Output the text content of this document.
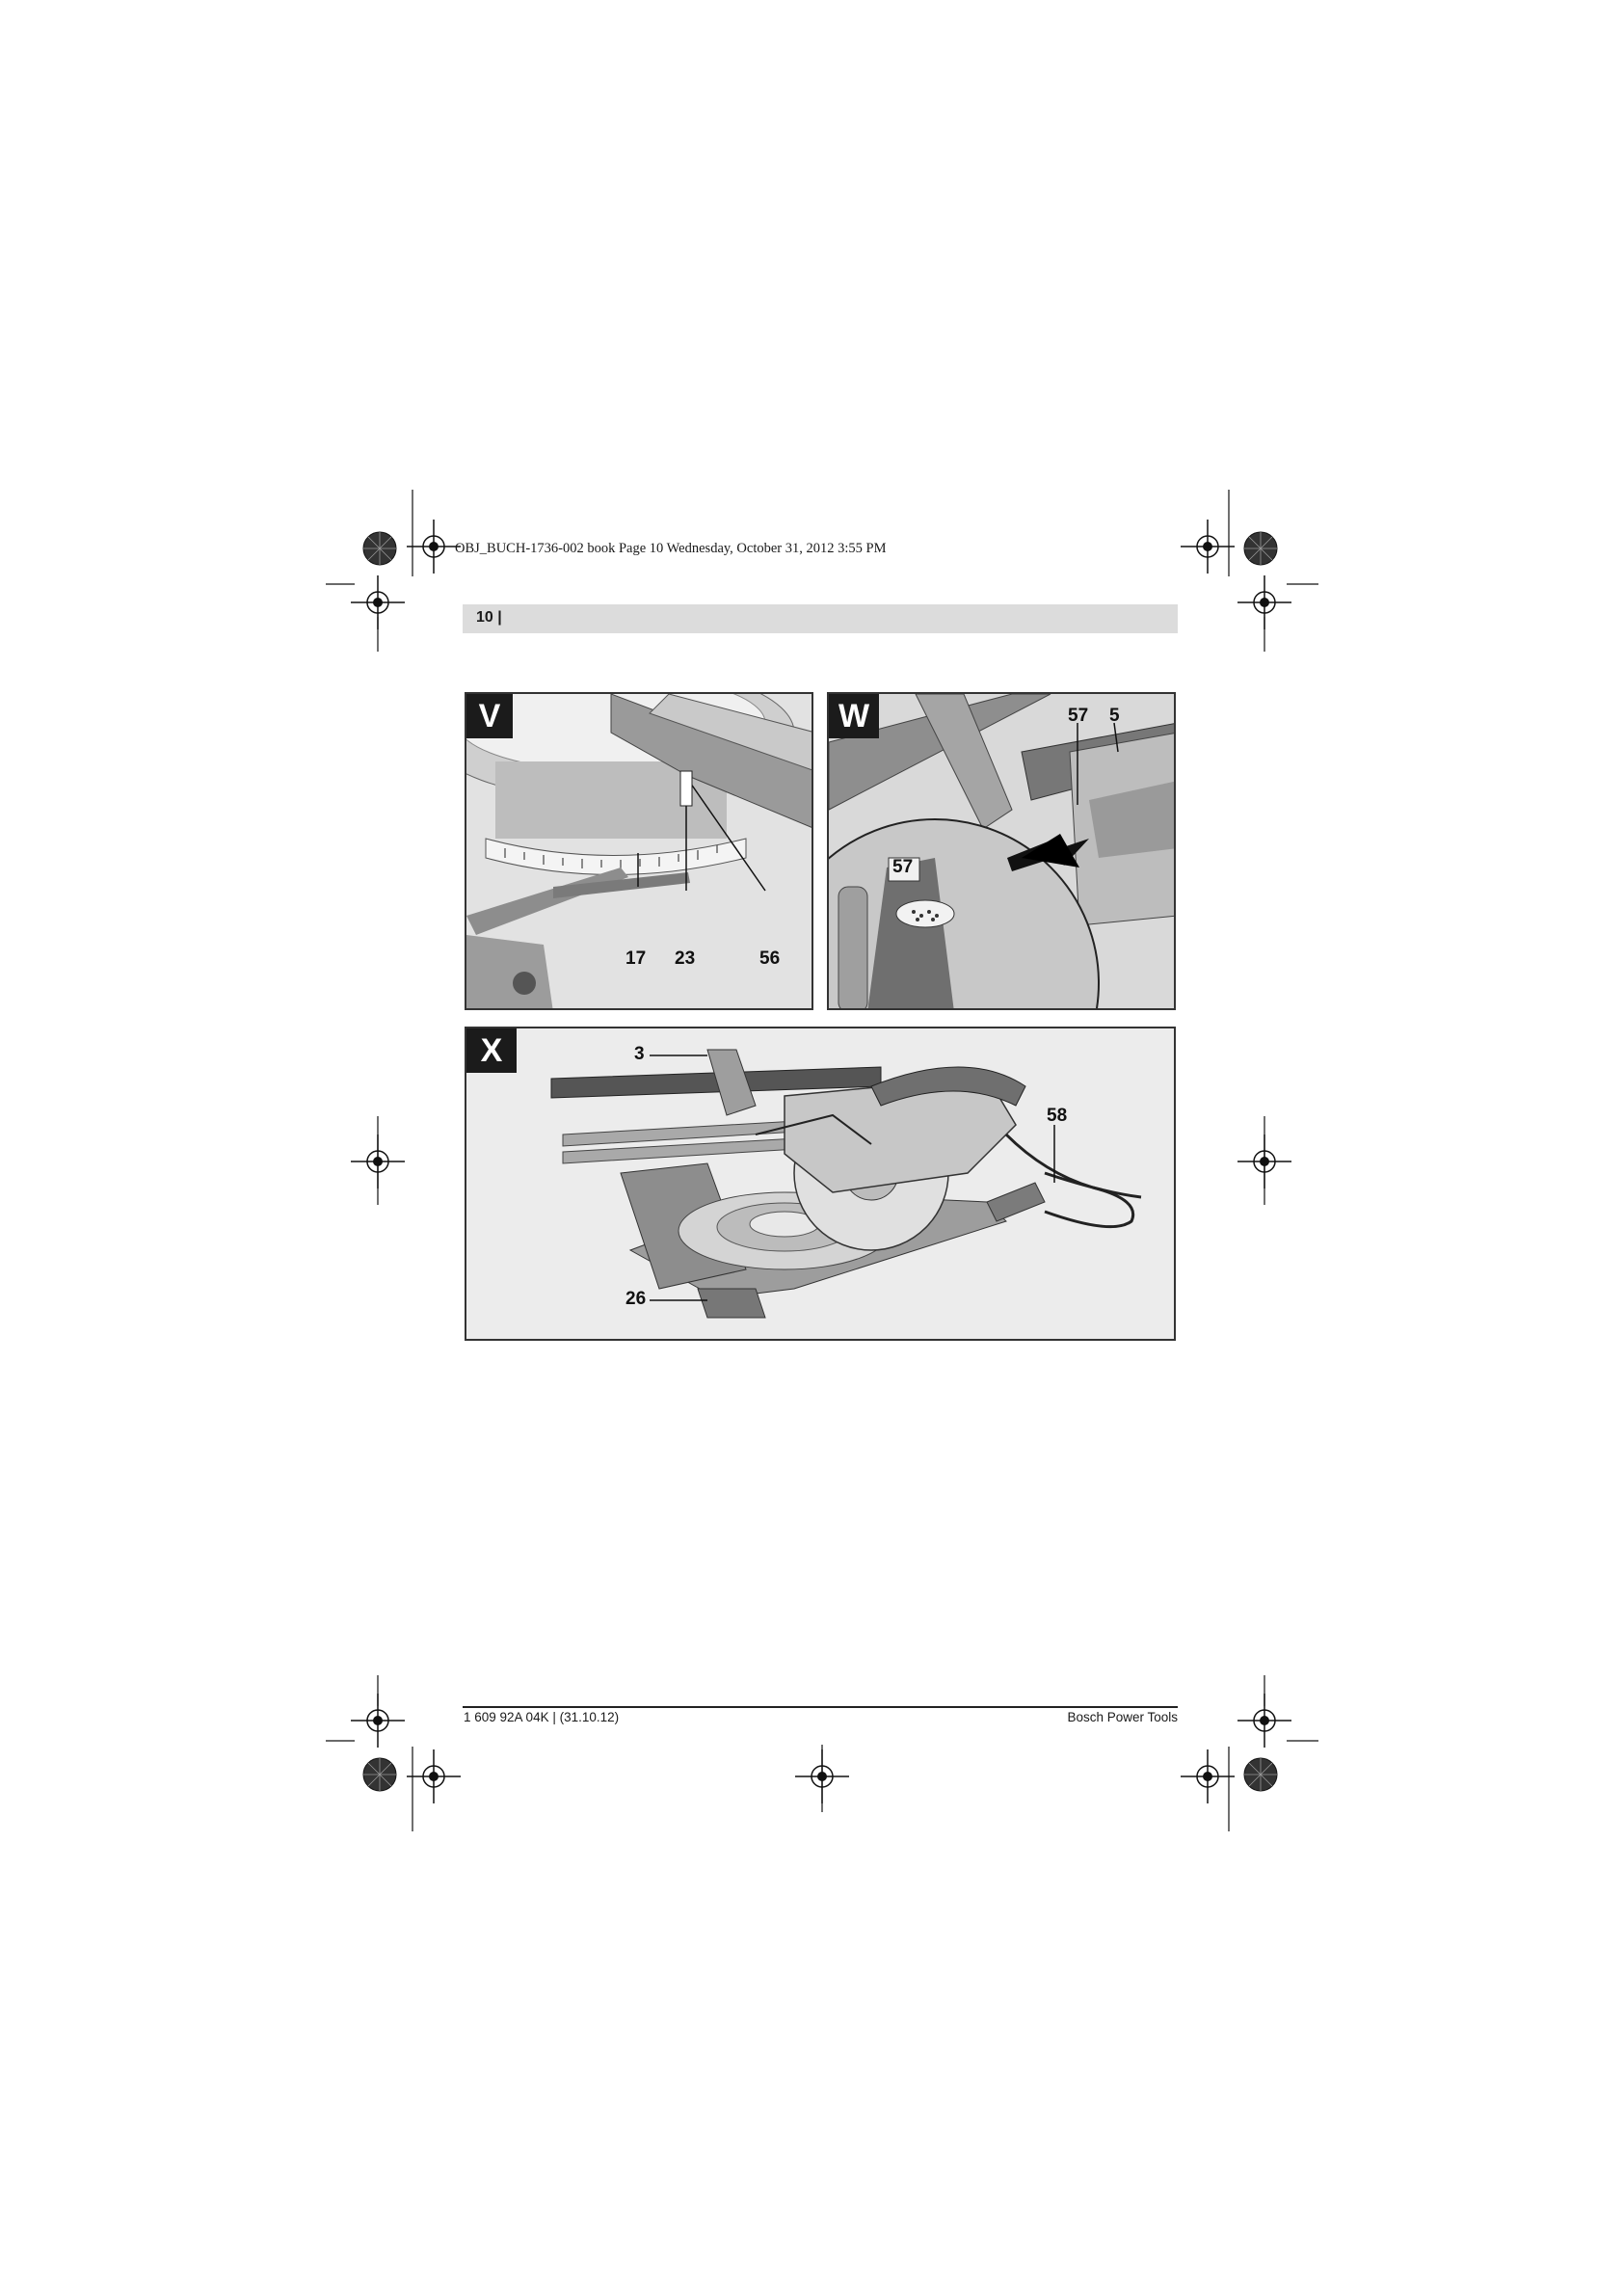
OBJ_BUCH-1736-002 book Page 10 Wednesday, October 31, 2012 3:55 PM
10 |
V
17 23	56
W	57 5
57
X	3
58
26
1 609 92A 04K | (31.10.12)	Bosch Power Tools
